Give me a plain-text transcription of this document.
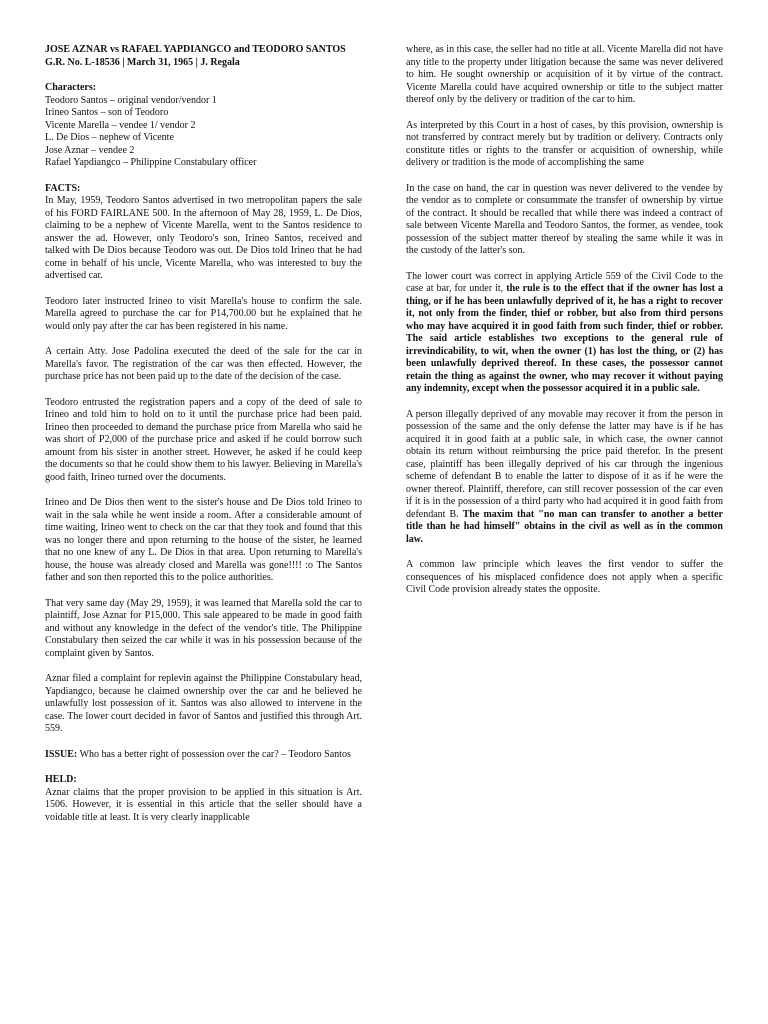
JOSE AZNAR vs RAFAEL YAPDIANGCO and TEODORO SANTOS
G.R. No. L-18536 | March 31, 1965 | J. Regala

Characters:
Teodoro Santos – original vendor/vendor 1
Irineo Santos – son of Teodoro
Vicente Marella – vendee 1/ vendor 2
L. De Dios – nephew of Vicente
Jose Aznar – vendee 2
Rafael Yapdiangco – Philippine Constabulary officer

FACTS:
In May, 1959, Teodoro Santos advertised in two metropolitan papers the sale of his FORD FAIRLANE 500. In the afternoon of May 28, 1959, L. De Dios, claiming to be a nephew of Vicente Marella, went to the Santos residence to answer the ad. However, only Teodoro's son, Irineo Santos, received and talked with De Dios because Teodoro was out. De Dios told Irineo that he had come in behalf of his uncle, Vicente Marella, who was interested to buy the advertised car.

Teodoro later instructed Irineo to visit Marella's house to confirm the sale. Marella agreed to purchase the car for P14,700.00 but he explained that he would only pay after the car has been registered in his name.

A certain Atty. Jose Padolina executed the deed of the sale for the car in Marella's favor. The registration of the car was then effected. However, the purchase price has not been paid up to the date of the decision of the case.

Teodoro entrusted the registration papers and a copy of the deed of sale to Irineo and told him to hold on to it until the purchase price had been paid. Irineo then proceeded to demand the purchase price from Marella who said he was short of P2,000 of the purchase price and asked if he could borrow such amount from his sister in another street. However, he asked if he could keep the documents so that he could show them to his lawyer. Believing in Marella's good faith, Irineo turned over the documents.

Irineo and De Dios then went to the sister's house and De Dios told Irineo to wait in the sala while he went inside a room. After a considerable amount of time waiting, Irineo went to check on the car that they took and found that this was no longer there and upon returning to the house of the sister, he learned that no one knew of any L. De Dios in that area. Upon returning to Marella's house, the house was already closed and Marella was gone!!!! :o The Santos father and son then reported this to the police authorities.

That very same day (May 29, 1959), it was learned that Marella sold the car to plaintiff, Jose Aznar for P15,000. This sale appeared to be made in good faith and without any knowledge in the defect of the vendor's title. The Philippine Constabulary then seized the car while it was in his possession because of the complaint given by Santos.

Aznar filed a complaint for replevin against the Philippine Constabulary head, Yapdiangco, because he claimed ownership over the car and he believed he unlawfully lost possession of it. Santos was also allowed to intervene in the case. The lower court decided in favor of Santos and justified this through Art. 559.

ISSUE: Who has a better right of possession over the car? – Teodoro Santos

HELD:
Aznar claims that the proper provision to be applied in this situation is Art. 1506. However, it is essential in this article that the seller should have a voidable title at least. It is very clearly inapplicable

where, as in this case, the seller had no title at all. Vicente Marella did not have any title to the property under litigation because the same was never delivered to him. He sought ownership or acquisition of it by virtue of the contract. Vicente Marella could have acquired ownership or title to the subject matter thereof only by the delivery or tradition of the car to him.

As interpreted by this Court in a host of cases, by this provision, ownership is not transferred by contract merely but by tradition or delivery. Contracts only constitute titles or rights to the transfer or acquisition of ownership, while delivery or tradition is the mode of accomplishing the same

In the case on hand, the car in question was never delivered to the vendee by the vendor as to complete or consummate the transfer of ownership by virtue of the contract. It should be recalled that while there was indeed a contract of sale between Vicente Marella and Teodoro Santos, the former, as vendee, took possession of the subject matter thereof by stealing the same while it was in the custody of the latter's son.

The lower court was correct in applying Article 559 of the Civil Code to the case at bar, for under it, the rule is to the effect that if the owner has lost a thing, or if he has been unlawfully deprived of it, he has a right to recover it, not only from the finder, thief or robber, but also from third persons who may have acquired it in good faith from such finder, thief or robber. The said article establishes two exceptions to the general rule of irrevindicability, to wit, when the owner (1) has lost the thing, or (2) has been unlawfully deprived thereof. In these cases, the possessor cannot retain the thing as against the owner, who may recover it without paying any indemnity, except when the possessor acquired it in a public sale.

A person illegally deprived of any movable may recover it from the person in possession of the same and the only defense the latter may have is if he has acquired it in good faith at a public sale, in which case, the owner cannot obtain its return without reimbursing the price paid therefor. In the present case, plaintiff has been illegally deprived of his car through the ingenious scheme of defendant B to enable the latter to dispose of it as if he were the owner thereof. Plaintiff, therefore, can still recover possession of the car even if it is in the possession of a third party who had acquired it in good faith from defendant B. The maxim that "no man can transfer to another a better title than he had himself" obtains in the civil as well as in the common law.

A common law principle which leaves the first vendor to suffer the consequences of his misplaced confidence does not apply when a specific Civil Code provision already states the opposite.
